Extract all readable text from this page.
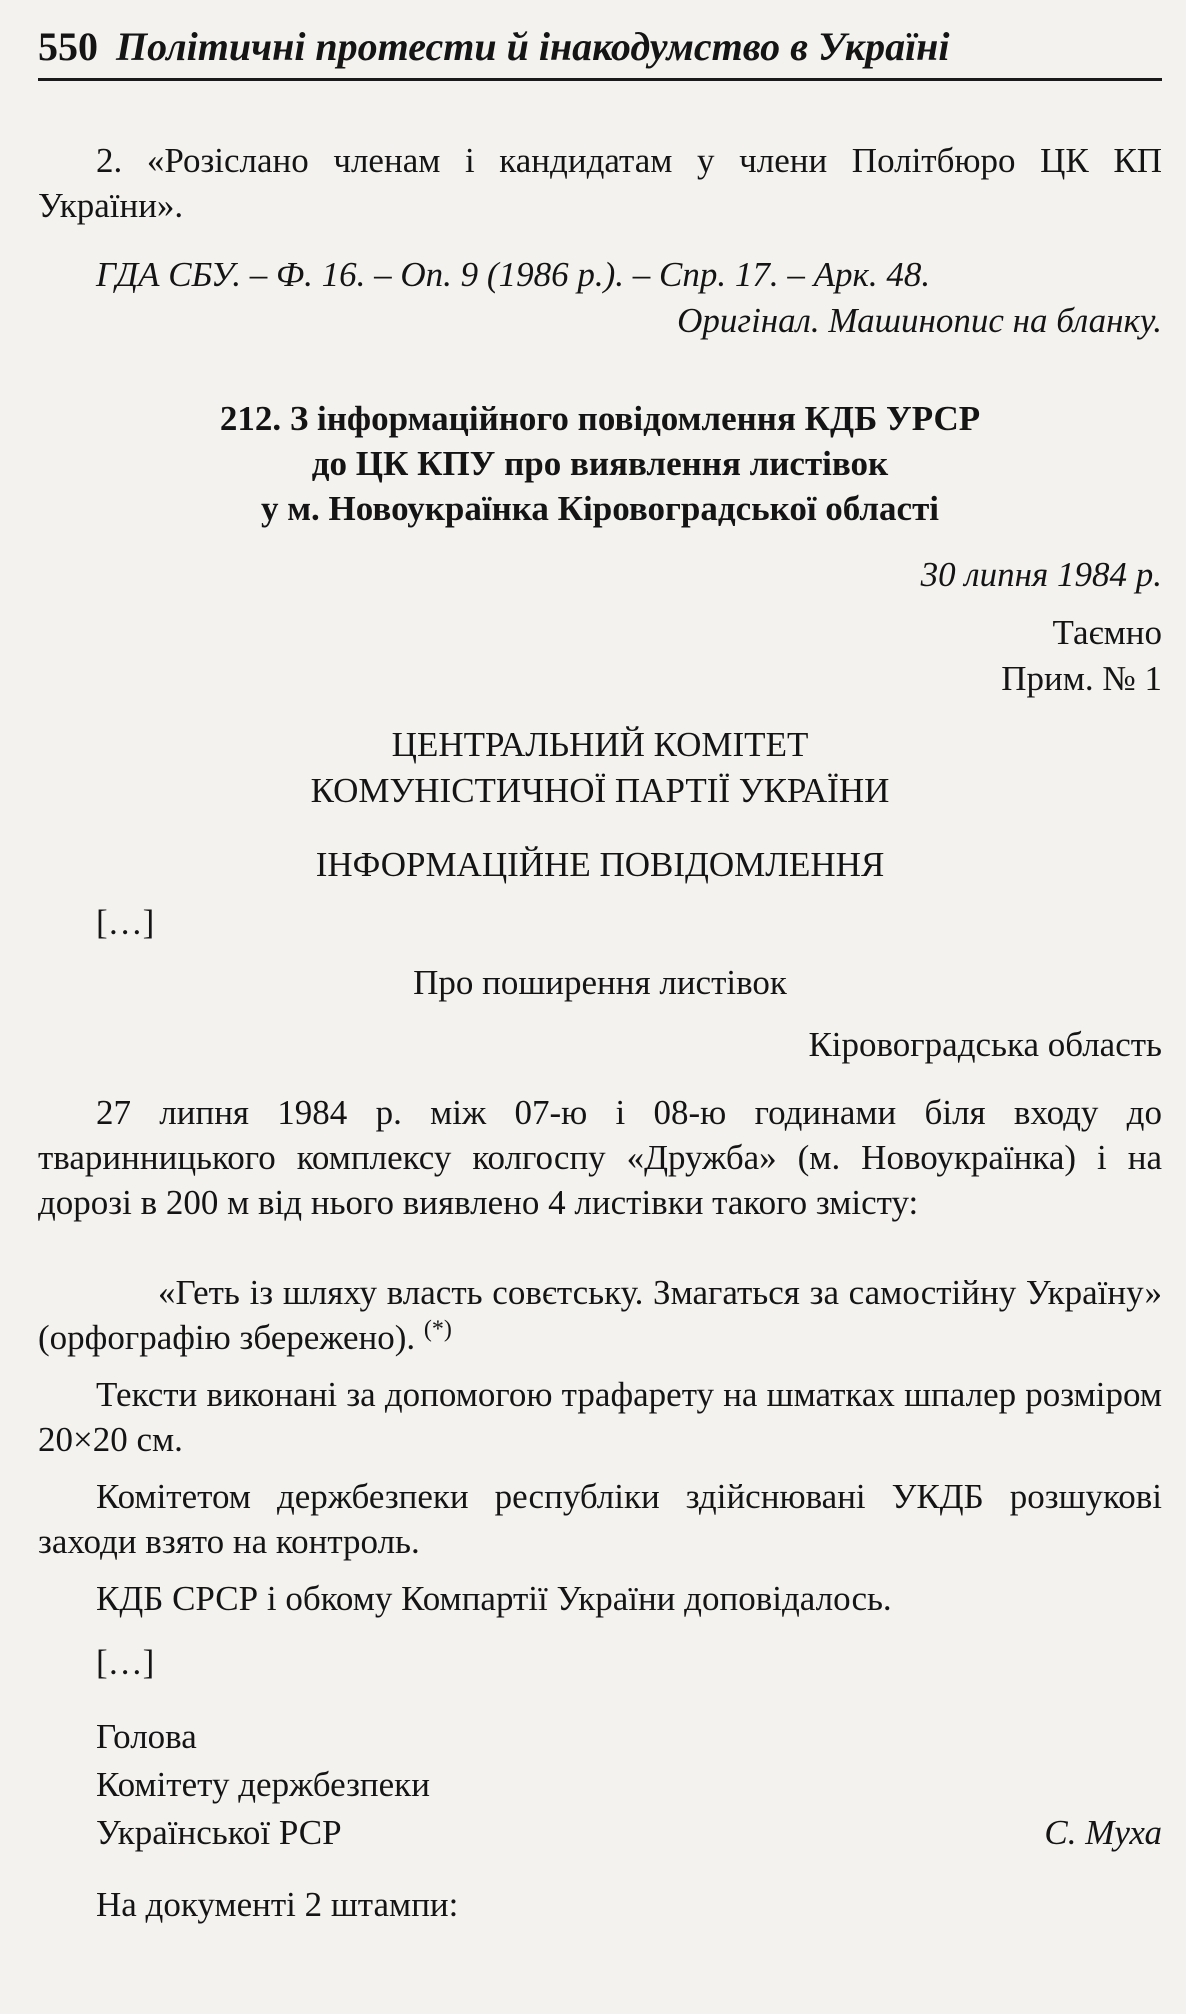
550 Політичні протести й інакодумство в Україні
2. «Розіслано членам і кандидатам у члени Політбюро ЦК КП України».
ГДА СБУ. – Ф. 16. – Оп. 9 (1986 р.). – Спр. 17. – Арк. 48.
Оригінал. Машинопис на бланку.
212. З інформаційного повідомлення КДБ УРСР
до ЦК КПУ про виявлення листівок
у м. Новоукраїнка Кіровоградської області
30 липня 1984 р.
Таємно
Прим. № 1
ЦЕНТРАЛЬНИЙ КОМІТЕТ
КОМУНІСТИЧНОЇ ПАРТІЇ УКРАЇНИ
ІНФОРМАЦІЙНЕ ПОВІДОМЛЕННЯ
[…]
Про поширення листівок
Кіровоградська область
27 липня 1984 р. між 07-ю і 08-ю годинами біля входу до тваринницького комплексу колгоспу «Дружба» (м. Новоукраїнка) і на дорозі в 200 м від нього виявлено 4 листівки такого змісту:
«Геть із шляху власть совєтську. Змагаться за самостійну Україну» (орфографію збережено). (*)
Тексти виконані за допомогою трафарету на шматках шпалер розміром 20×20 см.
Комітетом держбезпеки республіки здійснювані УКДБ розшукові заходи взято на контроль.
КДБ СРСР і обкому Компартії України доповідалось.
[…]
Голова
Комітету держбезпеки
Української РСР	С. Муха
На документі 2 штампи:
